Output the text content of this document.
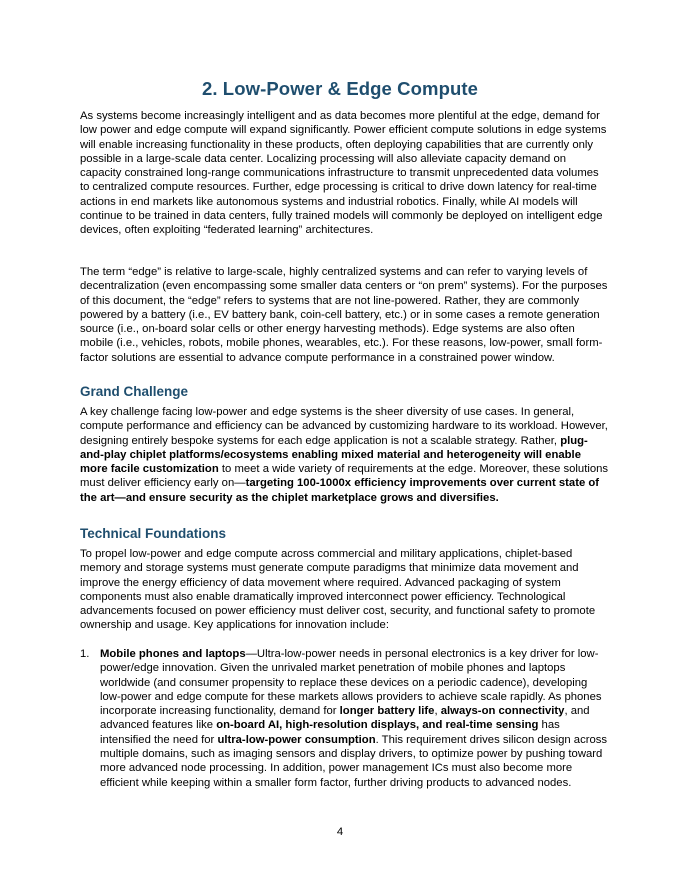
2. Low-Power & Edge Compute

As systems become increasingly intelligent and as data becomes more plentiful at the edge, demand for low power and edge compute will expand significantly. Power efficient compute solutions in edge systems will enable increasing functionality in these products, often deploying capabilities that are currently only possible in a large-scale data center. Localizing processing will also alleviate capacity demand on capacity constrained long-range communications infrastructure to transmit unprecedented data volumes to centralized compute resources. Further, edge processing is critical to drive down latency for real-time actions in end markets like autonomous systems and industrial robotics. Finally, while AI models will continue to be trained in data centers, fully trained models will commonly be deployed on intelligent edge devices, often exploiting “federated learning” architectures.

The term “edge” is relative to large-scale, highly centralized systems and can refer to varying levels of decentralization (even encompassing some smaller data centers or “on prem” systems). For the purposes of this document, the “edge” refers to systems that are not line-powered. Rather, they are commonly powered by a battery (i.e., EV battery bank, coin-cell battery, etc.) or in some cases a remote generation source (i.e., on-board solar cells or other energy harvesting methods). Edge systems are also often mobile (i.e., vehicles, robots, mobile phones, wearables, etc.). For these reasons, low-power, small form-factor solutions are essential to advance compute performance in a constrained power window.

Grand Challenge

A key challenge facing low-power and edge systems is the sheer diversity of use cases. In general, compute performance and efficiency can be advanced by customizing hardware to its workload. However, designing entirely bespoke systems for each edge application is not a scalable strategy. Rather, plug-and-play chiplet platforms/ecosystems enabling mixed material and heterogeneity will enable more facile customization to meet a wide variety of requirements at the edge. Moreover, these solutions must deliver efficiency early on—targeting 100-1000x efficiency improvements over current state of the art—and ensure security as the chiplet marketplace grows and diversifies.

Technical Foundations

To propel low-power and edge compute across commercial and military applications, chiplet-based memory and storage systems must generate compute paradigms that minimize data movement and improve the energy efficiency of data movement where required. Advanced packaging of system components must also enable dramatically improved interconnect power efficiency. Technological advancements focused on power efficiency must deliver cost, security, and functional safety to promote ownership and usage. Key applications for innovation include:

1. Mobile phones and laptops—Ultra-low-power needs in personal electronics is a key driver for low-power/edge innovation. Given the unrivaled market penetration of mobile phones and laptops worldwide (and consumer propensity to replace these devices on a periodic cadence), developing low-power and edge compute for these markets allows providers to achieve scale rapidly. As phones incorporate increasing functionality, demand for longer battery life, always-on connectivity, and advanced features like on-board AI, high-resolution displays, and real-time sensing has intensified the need for ultra-low-power consumption. This requirement drives silicon design across multiple domains, such as imaging sensors and display drivers, to optimize power by pushing toward more advanced node processing. In addition, power management ICs must also become more efficient while keeping within a smaller form factor, further driving products to advanced nodes.
4
